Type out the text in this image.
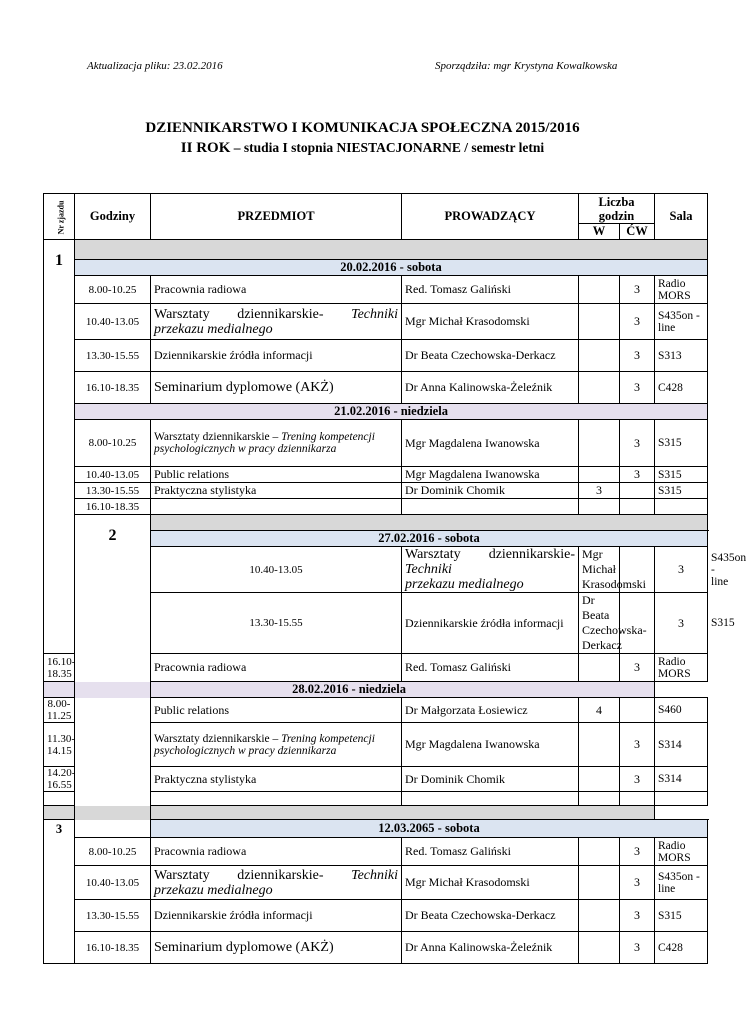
Aktualizacja pliku: 23.02.2016	Sporządziła: mgr Krystyna Kowalkowska
DZIENNIKARSTWO I KOMUNIKACJA SPOŁECZNA 2015/2016
II ROK – studia I stopnia NIESTACJONARNE / semestr letni
Nr zjazdu	Godziny	PRZEDMIOT	PROWADZĄCY	Liczba godzin		Sala	
				W	ĆW		
1							
	20.02.2016 - sobota						
	8.00-10.25	Pracownia radiowa	Red. Tomasz Galiński		3	Radio MORS	
	10.40-13.05	Warsztaty dziennikarskie- Techniki
przekazu medialnego	Mgr Michał Krasodomski		3	S435on -line	
	13.30-15.55	Dziennikarskie źródła informacji	Dr Beata Czechowska-Derkacz		3	S313	
	16.10-18.35	Seminarium dyplomowe (AKŻ)	Dr Anna Kalinowska-Żeleźnik		3	C428	
	21.02.2016 - niedziela						
	8.00-10.25	Warsztaty dziennikarskie – Trening kompetencji psychologicznych w pracy dziennikarza	Mgr Magdalena Iwanowska		3	S315	
	10.40-13.05	Public relations	Mgr Magdalena Iwanowska		3	S315	
	13.30-15.55	Praktyczna stylistyka	Dr Dominik Chomik	3		S315	
	16.10-18.35						
	2						
		27.02.2016 - sobota					
		10.40-13.05	Warsztaty dziennikarskie- Techniki
przekazu medialnego	Mgr Michał Krasodomski		3	S435on -line
		13.30-15.55	Dziennikarskie źródła informacji	Dr Beata Czechowska-Derkacz		3	S315
16.10-18.35		Pracownia radiowa	Red. Tomasz Galiński		3	Radio MORS	
28.02.2016 - niedziela							
8.00-11.25		Public relations	Dr Małgorzata Łosiewicz	4		S460	
11.30-14.15		Warsztaty dziennikarskie – Trening kompetencji psychologicznych w pracy dziennikarza	Mgr Magdalena Iwanowska		3	S314	
14.20-16.55		Praktyczna stylistyka	Dr Dominik Chomik		3	S314	

3		12.03.2065 - sobota					
	8.00-10.25	Pracownia radiowa	Red. Tomasz Galiński		3	Radio MORS	
	10.40-13.05	Warsztaty dziennikarskie- Techniki
przekazu medialnego	Mgr Michał Krasodomski		3	S435on -line	
	13.30-15.55	Dziennikarskie źródła informacji	Dr Beata Czechowska-Derkacz		3	S315	
	16.10-18.35	Seminarium dyplomowe (AKŻ)	Dr Anna Kalinowska-Żeleźnik		3	C428	
